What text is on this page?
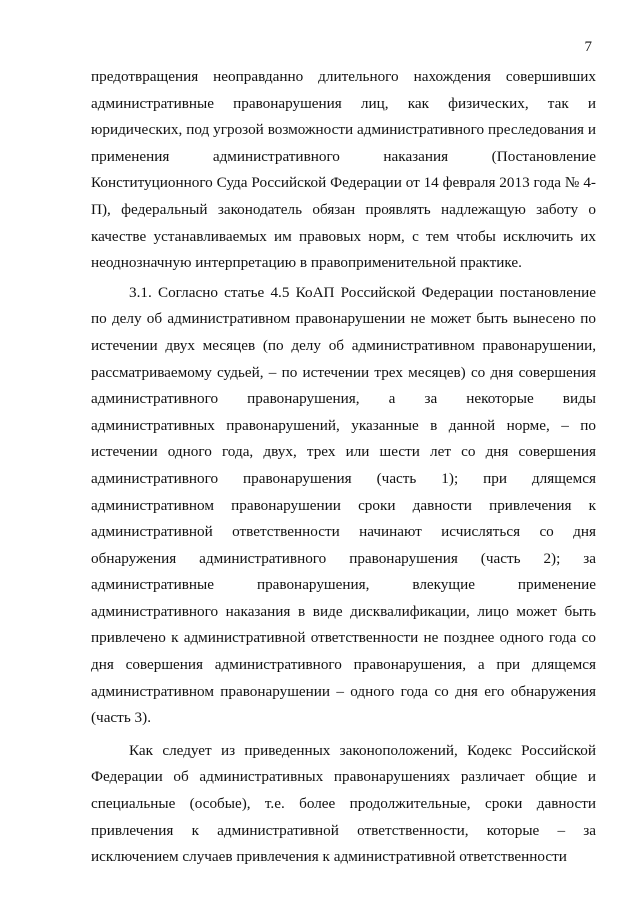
7

предотвращения неоправданно длительного нахождения совершивших административные правонарушения лиц, как физических, так и юридических, под угрозой возможности административного преследования и применения административного наказания (Постановление Конституционного Суда Российской Федерации от 14 февраля 2013 года № 4-П), федеральный законодатель обязан проявлять надлежащую заботу о качестве устанавливаемых им правовых норм, с тем чтобы исключить их неоднозначную интерпретацию в правоприменительной практике.

3.1. Согласно статье 4.5 КоАП Российской Федерации постановление по делу об административном правонарушении не может быть вынесено по истечении двух месяцев (по делу об административном правонарушении, рассматриваемому судьей, – по истечении трех месяцев) со дня совершения административного правонарушения, а за некоторые виды административных правонарушений, указанные в данной норме, – по истечении одного года, двух, трех или шести лет со дня совершения административного правонарушения (часть 1); при длящемся административном правонарушении сроки давности привлечения к административной ответственности начинают исчисляться со дня обнаружения административного правонарушения (часть 2); за административные правонарушения, влекущие применение административного наказания в виде дисквалификации, лицо может быть привлечено к административной ответственности не позднее одного года со дня совершения административного правонарушения, а при длящемся административном правонарушении – одного года со дня его обнаружения (часть 3).

Как следует из приведенных законоположений, Кодекс Российской Федерации об административных правонарушениях различает общие и специальные (особые), т.е. более продолжительные, сроки давности привлечения к административной ответственности, которые – за исключением случаев привлечения к административной ответственности
